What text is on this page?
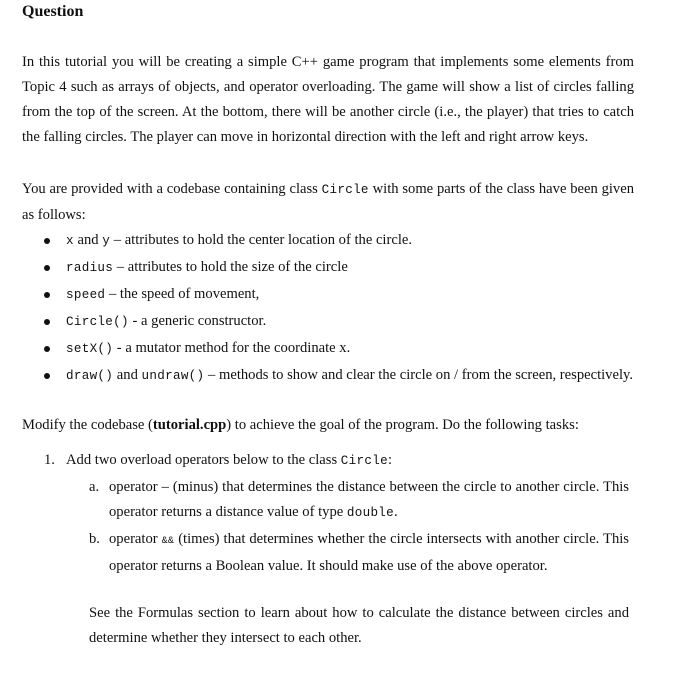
Question

In this tutorial you will be creating a simple C++ game program that implements some elements from Topic 4 such as arrays of objects, and operator overloading. The game will show a list of circles falling from the top of the screen. At the bottom, there will be another circle (i.e., the player) that tries to catch the falling circles. The player can move in horizontal direction with the left and right arrow keys.

You are provided with a codebase containing class Circle with some parts of the class have been given as follows:

x and y – attributes to hold the center location of the circle.
radius – attributes to hold the size of the circle
speed – the speed of movement,
Circle() - a generic constructor.
setX() - a mutator method for the coordinate x.
draw() and undraw() – methods to show and clear the circle on / from the screen, respectively.
Modify the codebase (tutorial.cpp) to achieve the goal of the program. Do the following tasks:
1. Add two overload operators below to the class Circle:
a. operator – (minus) that determines the distance between the circle to another circle. This operator returns a distance value of type double.
b. operator && (times) that determines whether the circle intersects with another circle. This operator returns a Boolean value. It should make use of the above operator.

See the Formulas section to learn about how to calculate the distance between circles and determine whether they intersect to each other.
